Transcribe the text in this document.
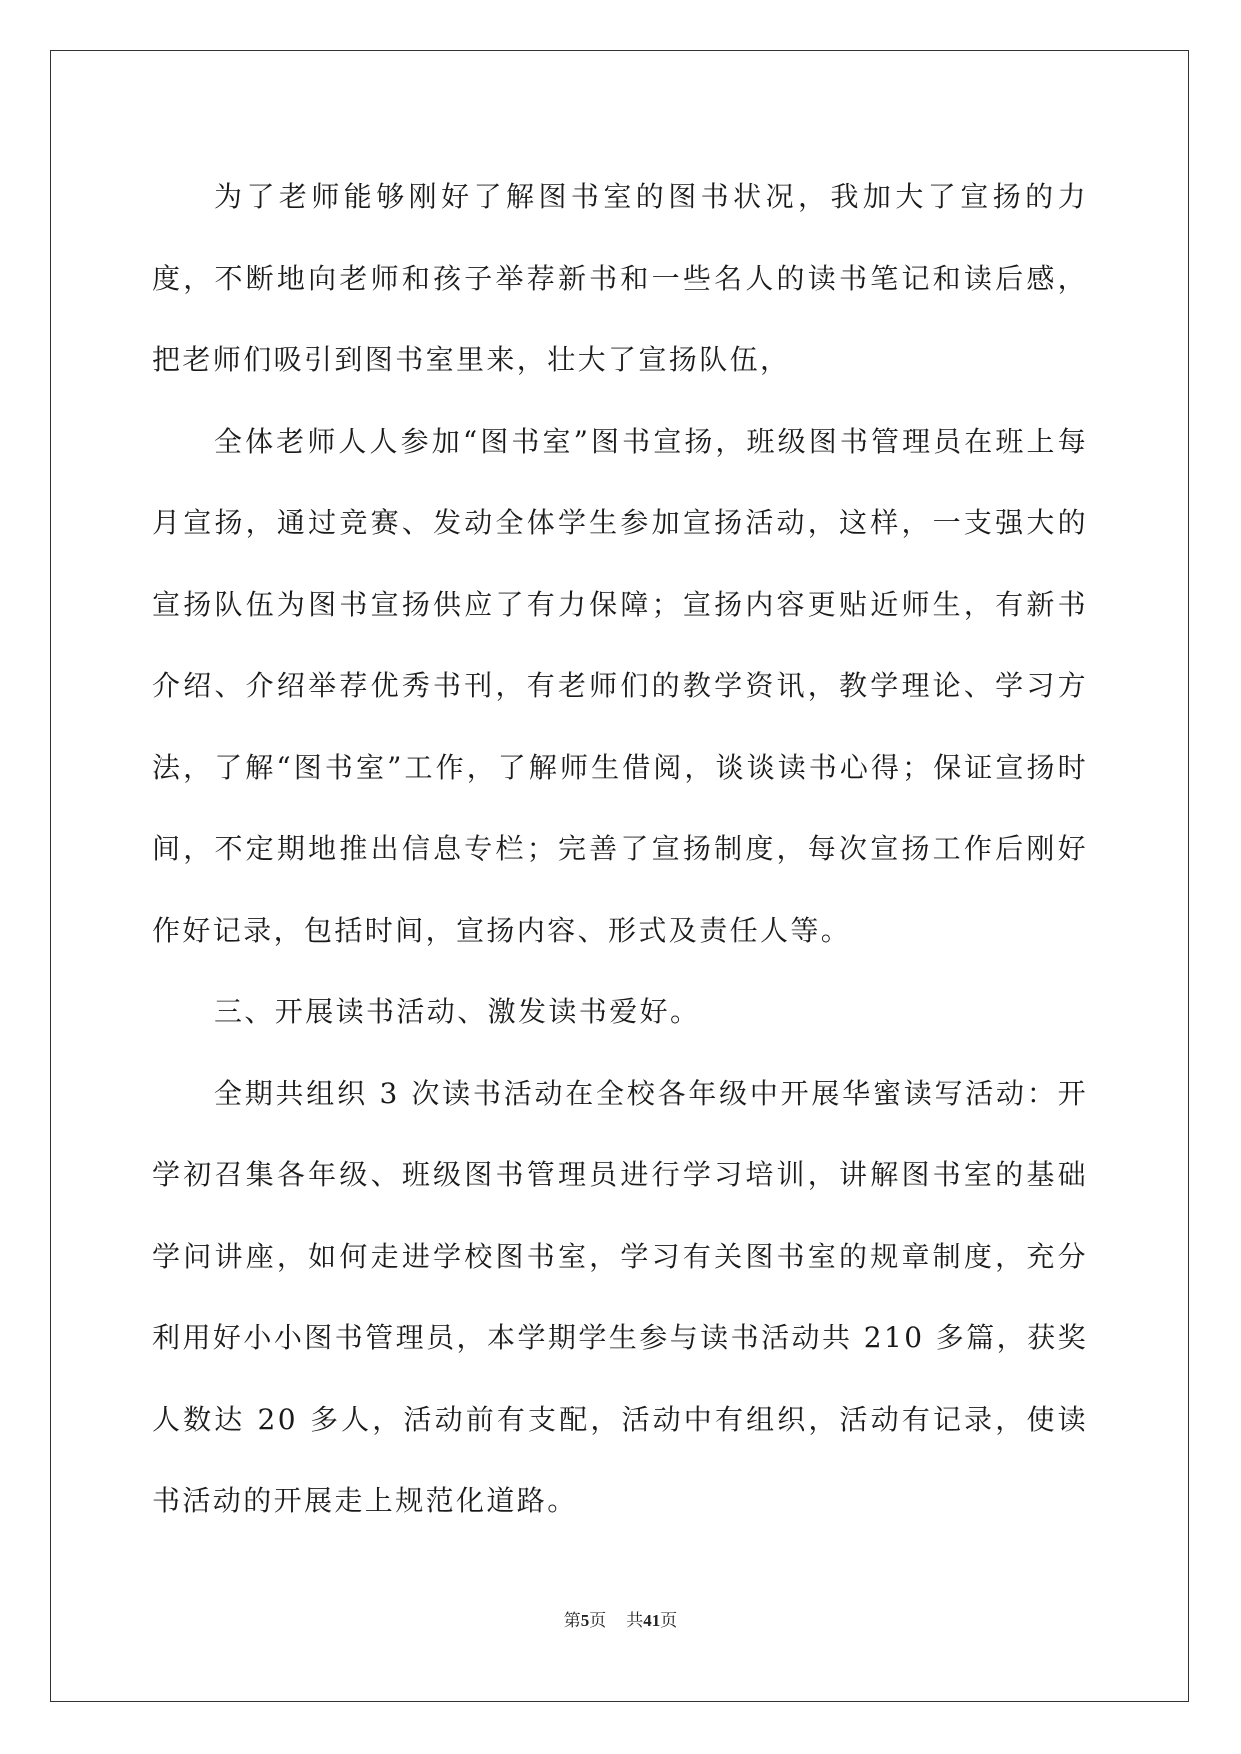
为了老师能够刚好了解图书室的图书状况，我加大了宣扬的力度，不断地向老师和孩子举荐新书和一些名人的读书笔记和读后感，把老师们吸引到图书室里来，壮大了宣扬队伍，

全体老师人人参加“图书室”图书宣扬，班级图书管理员在班上每月宣扬，通过竞赛、发动全体学生参加宣扬活动，这样，一支强大的宣扬队伍为图书宣扬供应了有力保障；宣扬内容更贴近师生，有新书介绍、介绍举荐优秀书刊，有老师们的教学资讯，教学理论、学习方法，了解“图书室”工作，了解师生借阅，谈谈读书心得；保证宣扬时间，不定期地推出信息专栏；完善了宣扬制度，每次宣扬工作后刚好作好记录，包括时间，宣扬内容、形式及责任人等。

三、开展读书活动、激发读书爱好。

全期共组织 3 次读书活动在全校各年级中开展华蜜读写活动：开学初召集各年级、班级图书管理员进行学习培训，讲解图书室的基础学问讲座，如何走进学校图书室，学习有关图书室的规章制度，充分利用好小小图书管理员，本学期学生参与读书活动共 210 多篇，获奖人数达 20 多人，活动前有支配，活动中有组织，活动有记录，使读书活动的开展走上规范化道路。

第5页 共41页
